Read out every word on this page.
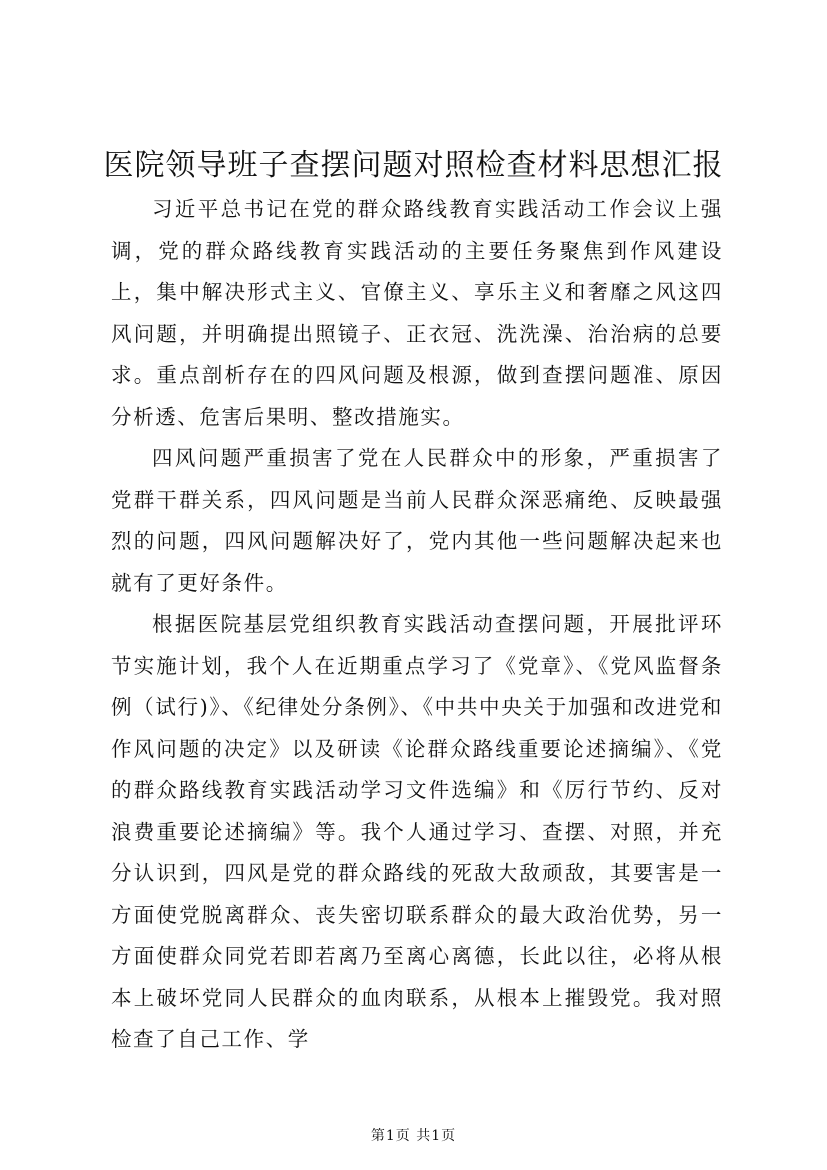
医院领导班子查摆问题对照检查材料思想汇报

习近平总书记在党的群众路线教育实践活动工作会议上强调，党的群众路线教育实践活动的主要任务聚焦到作风建设上，集中解决形式主义、官僚主义、享乐主义和奢靡之风这四风问题，并明确提出照镜子、正衣冠、洗洗澡、治治病的总要求。重点剖析存在的四风问题及根源，做到查摆问题准、原因分析透、危害后果明、整改措施实。

四风问题严重损害了党在人民群众中的形象，严重损害了党群干群关系，四风问题是当前人民群众深恶痛绝、反映最强烈的问题，四风问题解决好了，党内其他一些问题解决起来也就有了更好条件。

根据医院基层党组织教育实践活动查摆问题，开展批评环节实施计划，我个人在近期重点学习了《党章》、《党风监督条例（试行)》、《纪律处分条例》、《中共中央关于加强和改进党和作风问题的决定》以及研读《论群众路线重要论述摘编》、《党的群众路线教育实践活动学习文件选编》和《厉行节约、反对浪费重要论述摘编》等。我个人通过学习、查摆、对照，并充分认识到，四风是党的群众路线的死敌大敌顽敌，其要害是一方面使党脱离群众、丧失密切联系群众的最大政治优势，另一方面使群众同党若即若离乃至离心离德，长此以往，必将从根本上破坏党同人民群众的血肉联系，从根本上摧毁党。我对照检查了自己工作、学

第1页 共1页
